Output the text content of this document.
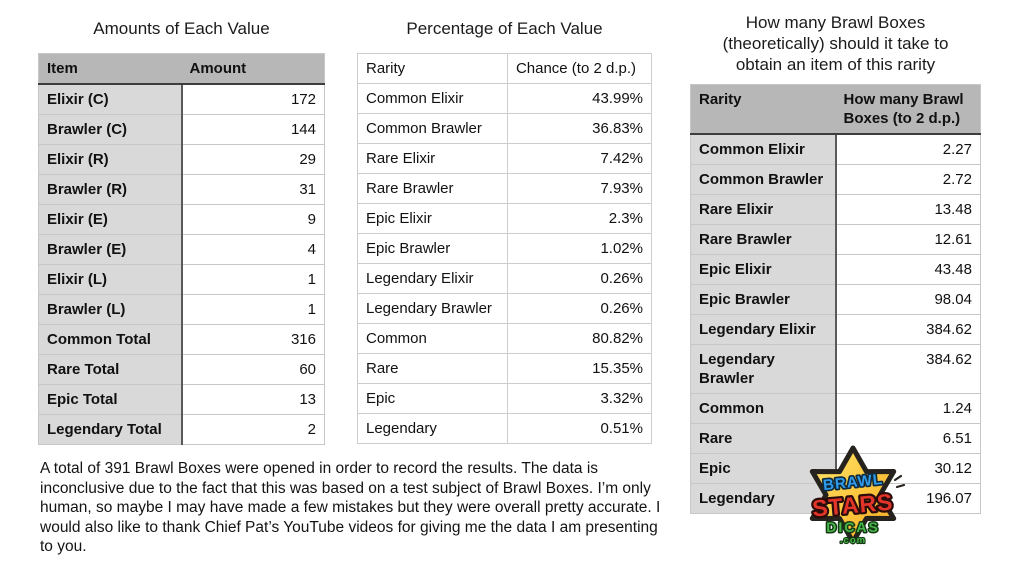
Amounts of Each Value
Item	Amount
Elixir (C)	172
Brawler (C)	144
Elixir (R)	29
Brawler (R)	31
Elixir (E)	9
Brawler (E)	4
Elixir (L)	1
Brawler (L)	1
Common Total	316
Rare Total	60
Epic Total	13
Legendary Total	2
Percentage of Each Value
Rarity	Chance (to 2 d.p.)
Common Elixir	43.99%
Common Brawler	36.83%
Rare Elixir	7.42%
Rare Brawler	7.93%
Epic Elixir	2.3%
Epic Brawler	1.02%
Legendary Elixir	0.26%
Legendary Brawler	0.26%
Common	80.82%
Rare	15.35%
Epic	3.32%
Legendary	0.51%
How many Brawl Boxes (theoretically) should it take to obtain an item of this rarity
Rarity	How many Brawl Boxes (to 2 d.p.)
Common Elixir	2.27
Common Brawler	2.72
Rare Elixir	13.48
Rare Brawler	12.61
Epic Elixir	43.48
Epic Brawler	98.04
Legendary Elixir	384.62
Legendary Brawler	384.62
Common	1.24
Rare	6.51
Epic	30.12
Legendary	196.07

A total of 391 Brawl Boxes were opened in order to record the results. The data is inconclusive due to the fact that this was based on a test subject of Brawl Boxes. I’m only human, so maybe I may have made a few mistakes but they were overall pretty accurate. I would also like to thank Chief Pat’s YouTube videos for giving me the data I am presenting to you.

BRAWL
STARS
DICAS
.com
